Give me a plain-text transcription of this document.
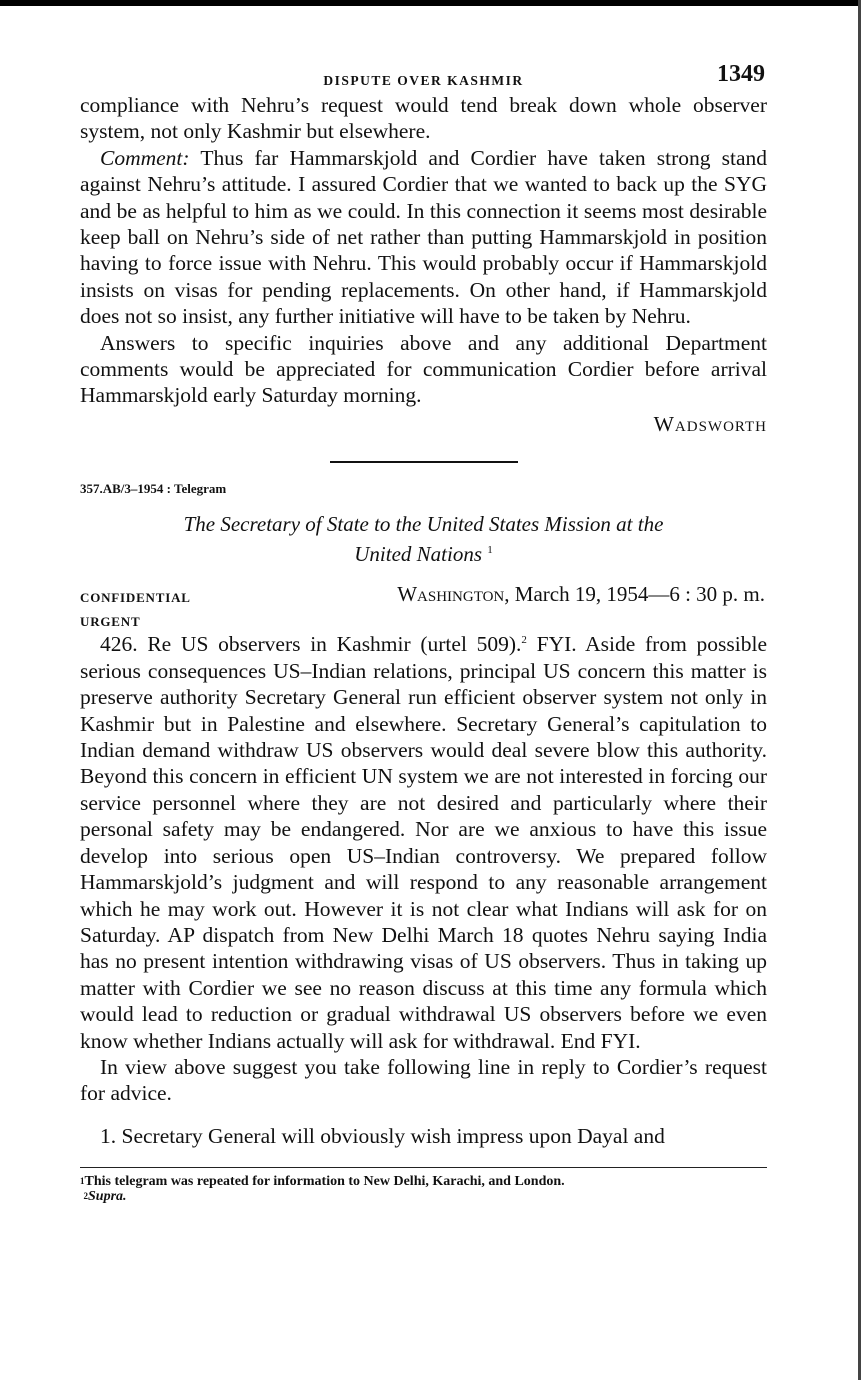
DISPUTE OVER KASHMIR	1349

compliance with Nehru’s request would tend break down whole observer system, not only Kashmir but elsewhere.

Comment: Thus far Hammarskjold and Cordier have taken strong stand against Nehru’s attitude. I assured Cordier that we wanted to back up the SYG and be as helpful to him as we could. In this connection it seems most desirable keep ball on Nehru’s side of net rather than putting Hammarskjold in position having to force issue with Nehru. This would probably occur if Hammarskjold insists on visas for pending replacements. On other hand, if Hammarskjold does not so insist, any further initiative will have to be taken by Nehru.

Answers to specific inquiries above and any additional Department comments would be appreciated for communication Cordier before arrival Hammarskjold early Saturday morning.

Wadsworth
357.AB/3–1954 : Telegram
The Secretary of State to the United States Mission at the
United Nations $^1$
CONFIDENTIAL
URGENT
Washington, March 19, 1954—6 : 30 p. m.

426. Re US observers in Kashmir (urtel 509).$^2$ FYI. Aside from possible serious consequences US–Indian relations, principal US concern this matter is preserve authority Secretary General run efficient observer system not only in Kashmir but in Palestine and elsewhere. Secretary General’s capitulation to Indian demand withdraw US observers would deal severe blow this authority. Beyond this concern in efficient UN system we are not interested in forcing our service personnel where they are not desired and particularly where their personal safety may be endangered. Nor are we anxious to have this issue develop into serious open US–Indian controversy. We prepared follow Hammarskjold’s judgment and will respond to any reasonable arrangement which he may work out. However it is not clear what Indians will ask for on Saturday. AP dispatch from New Delhi March 18 quotes Nehru saying India has no present intention withdrawing visas of US observers. Thus in taking up matter with Cordier we see no reason discuss at this time any formula which would lead to reduction or gradual withdrawal US observers before we even know whether Indians actually will ask for withdrawal. End FYI.

In view above suggest you take following line in reply to Cordier’s request for advice.

1. Secretary General will obviously wish impress upon Dayal and

$^1$This telegram was repeated for information to New Delhi, Karachi, and London.
$^2$Supra.
